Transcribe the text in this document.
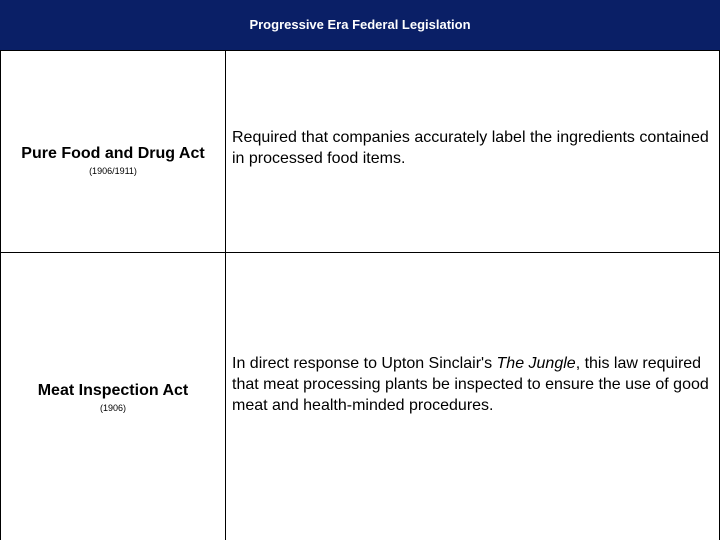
Progressive Era Federal Legislation
Pure Food and Drug Act
(1906/1911)	Required that companies accurately label the ingredients contained in processed food items.

Meat Inspection Act
(1906)	In direct response to Upton Sinclair's The Jungle, this law required that meat processing plants be inspected to ensure the use of good meat and health-minded procedures.
